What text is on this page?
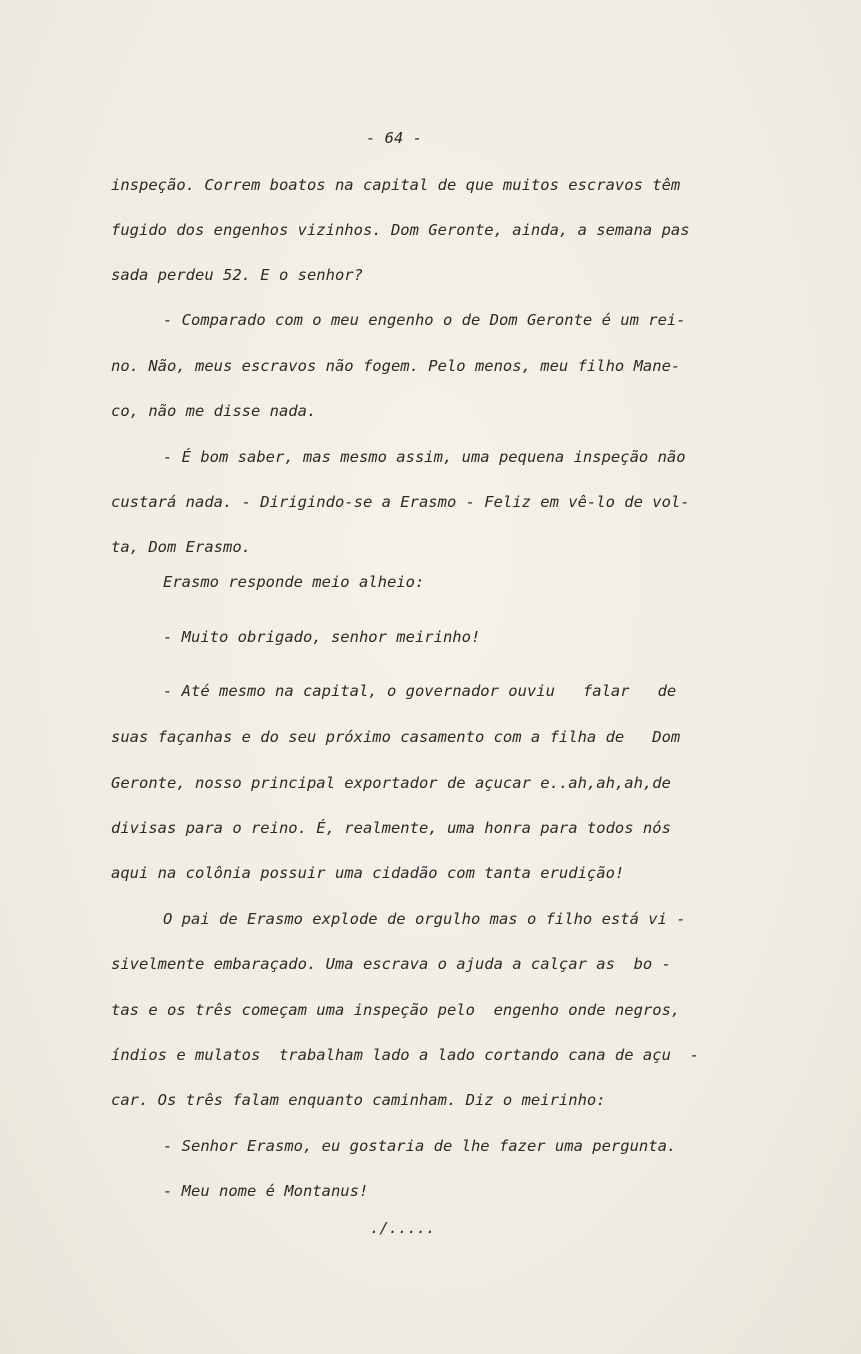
- 64 -
inspeção. Correm boatos na capital de que muitos escravos têm
fugido dos engenhos vizinhos. Dom Geronte, ainda, a semana pas
sada perdeu 52. E o senhor?
- Comparado com o meu engenho o de Dom Geronte é um rei-
no. Não, meus escravos não fogem. Pelo menos, meu filho Mane-
co, não me disse nada.
- É bom saber, mas mesmo assim, uma pequena inspeção não
custará nada. - Dirigindo-se a Erasmo - Feliz em vê-lo de vol-
ta, Dom Erasmo.
Erasmo responde meio alheio:
- Muito obrigado, senhor meirinho!
- Até mesmo na capital, o governador ouviu   falar   de
suas façanhas e do seu próximo casamento com a filha de   Dom
Geronte, nosso principal exportador de açucar e..ah,ah,ah,de
divisas para o reino. É, realmente, uma honra para todos nós
aqui na colônia possuir uma cidadão com tanta erudição!
O pai de Erasmo explode de orgulho mas o filho está vi -
sivelmente embaraçado. Uma escrava o ajuda a calçar as  bo -
tas e os três começam uma inspeção pelo  engenho onde negros,
índios e mulatos  trabalham lado a lado cortando cana de açu  -
car. Os três falam enquanto caminham. Diz o meirinho:
- Senhor Erasmo, eu gostaria de lhe fazer uma pergunta.
- Meu nome é Montanus!
./.....
